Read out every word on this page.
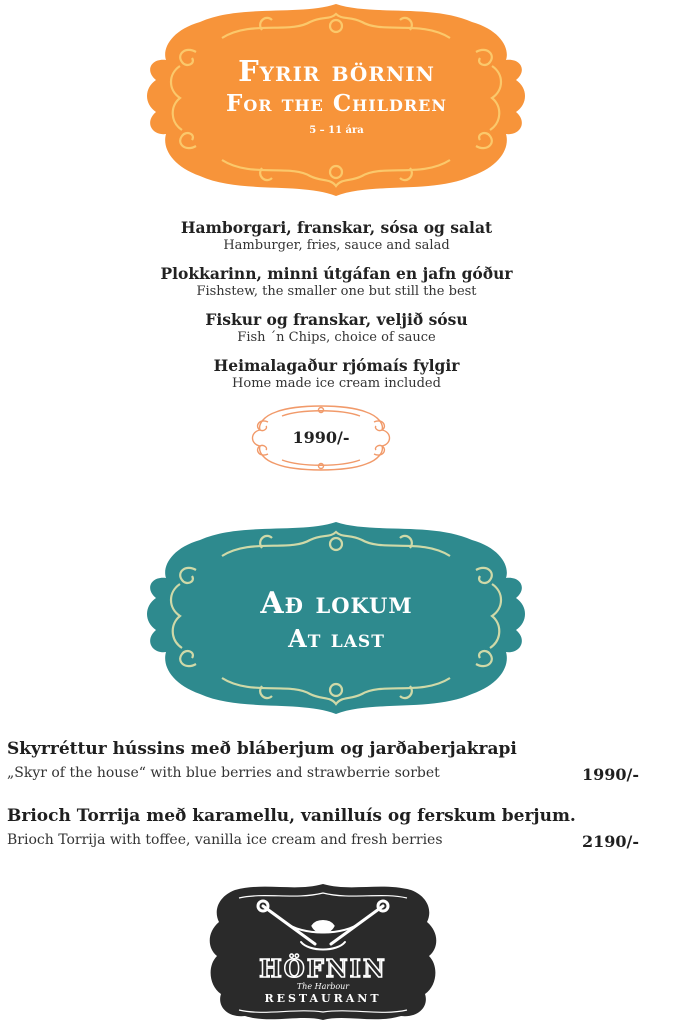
Fyrir börnin
For the Children
5 – 11 ára
Hamborgari, franskar, sósa og salat
Hamburger, fries, sauce and salad
Plokkarinn, minni útgáfan en jafn góður
Fishstew, the smaller one but still the best
Fiskur og franskar, veljið sósu
Fish ´n Chips, choice of sauce
Heimalagaður rjómaís fylgir
Home made ice cream included
1990/-
Að lokum
At last
Skyrréttur hússins með bláberjum og jarðaberjakrapi
„Skyr of the house“ with blue berries and strawberrie sorbet	1990/-
Brioch Torrija með karamellu, vanilluís og ferskum berjum.
Brioch Torrija with toffee, vanilla ice cream and fresh berries	2190/-
HÖFNIN
The Harbour
RESTAURANT
